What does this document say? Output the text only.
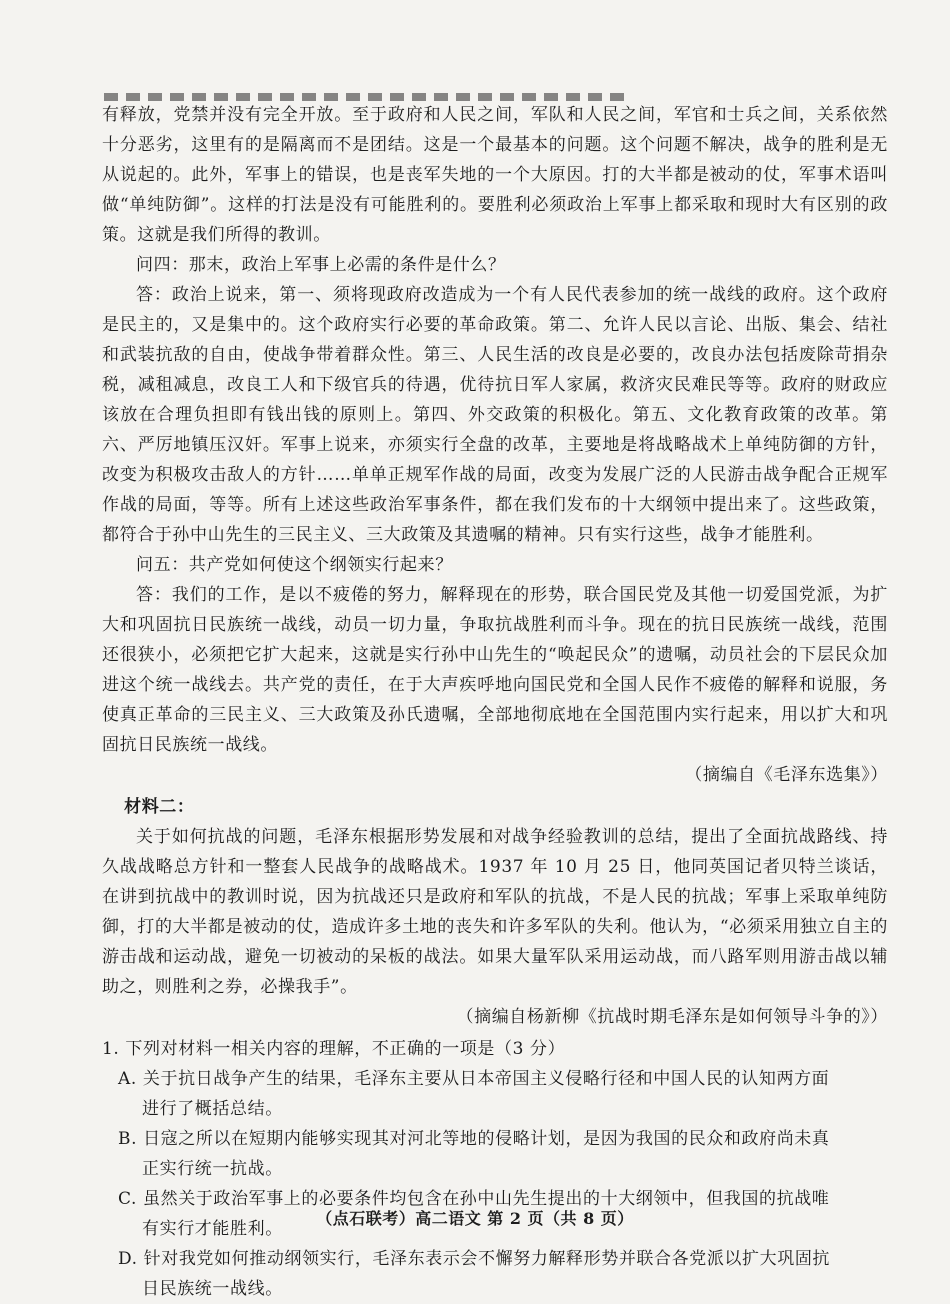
有释放，党禁并没有完全开放。至于政府和人民之间，军队和人民之间，军官和士兵之间，关系依然十分恶劣，这里有的是隔离而不是团结。这是一个最基本的问题。这个问题不解决，战争的胜利是无从说起的。此外，军事上的错误，也是丧军失地的一个大原因。打的大半都是被动的仗，军事术语叫做“单纯防御”。这样的打法是没有可能胜利的。要胜利必须政治上军事上都采取和现时大有区别的政策。这就是我们所得的教训。

问四：那末，政治上军事上必需的条件是什么？

答：政治上说来，第一、须将现政府改造成为一个有人民代表参加的统一战线的政府。这个政府是民主的，又是集中的。这个政府实行必要的革命政策。第二、允许人民以言论、出版、集会、结社和武装抗敌的自由，使战争带着群众性。第三、人民生活的改良是必要的，改良办法包括废除苛捐杂税，减租减息，改良工人和下级官兵的待遇，优待抗日军人家属，救济灾民难民等等。政府的财政应该放在合理负担即有钱出钱的原则上。第四、外交政策的积极化。第五、文化教育政策的改革。第六、严厉地镇压汉奸。军事上说来，亦须实行全盘的改革，主要地是将战略战术上单纯防御的方针，改变为积极攻击敌人的方针……单单正规军作战的局面，改变为发展广泛的人民游击战争配合正规军作战的局面，等等。所有上述这些政治军事条件，都在我们发布的十大纲领中提出来了。这些政策，都符合于孙中山先生的三民主义、三大政策及其遗嘱的精神。只有实行这些，战争才能胜利。

问五：共产党如何使这个纲领实行起来？

答：我们的工作，是以不疲倦的努力，解释现在的形势，联合国民党及其他一切爱国党派，为扩大和巩固抗日民族统一战线，动员一切力量，争取抗战胜利而斗争。现在的抗日民族统一战线，范围还很狭小，必须把它扩大起来，这就是实行孙中山先生的“唤起民众”的遗嘱，动员社会的下层民众加进这个统一战线去。共产党的责任，在于大声疾呼地向国民党和全国人民作不疲倦的解释和说服，务使真正革命的三民主义、三大政策及孙氏遗嘱，全部地彻底地在全国范围内实行起来，用以扩大和巩固抗日民族统一战线。

（摘编自《毛泽东选集》）

材料二：

关于如何抗战的问题，毛泽东根据形势发展和对战争经验教训的总结，提出了全面抗战路线、持久战战略总方针和一整套人民战争的战略战术。1937 年 10 月 25 日，他同英国记者贝特兰谈话，在讲到抗战中的教训时说，因为抗战还只是政府和军队的抗战，不是人民的抗战；军事上采取单纯防御，打的大半都是被动的仗，造成许多土地的丧失和许多军队的失利。他认为，“必须采用独立自主的游击战和运动战，避免一切被动的呆板的战法。如果大量军队采用运动战，而八路军则用游击战以辅助之，则胜利之券，必操我手”。

（摘编自杨新柳《抗战时期毛泽东是如何领导斗争的》）

1. 下列对材料一相关内容的理解，不正确的一项是（3 分）

A. 关于抗日战争产生的结果，毛泽东主要从日本帝国主义侵略行径和中国人民的认知两方面

进行了概括总结。

B. 日寇之所以在短期内能够实现其对河北等地的侵略计划，是因为我国的民众和政府尚未真

正实行统一抗战。

C. 虽然关于政治军事上的必要条件均包含在孙中山先生提出的十大纲领中，但我国的抗战唯

有实行才能胜利。

D. 针对我党如何推动纲领实行，毛泽东表示会不懈努力解释形势并联合各党派以扩大巩固抗

日民族统一战线。

（点石联考）高二语文 第 2 页（共 8 页）
